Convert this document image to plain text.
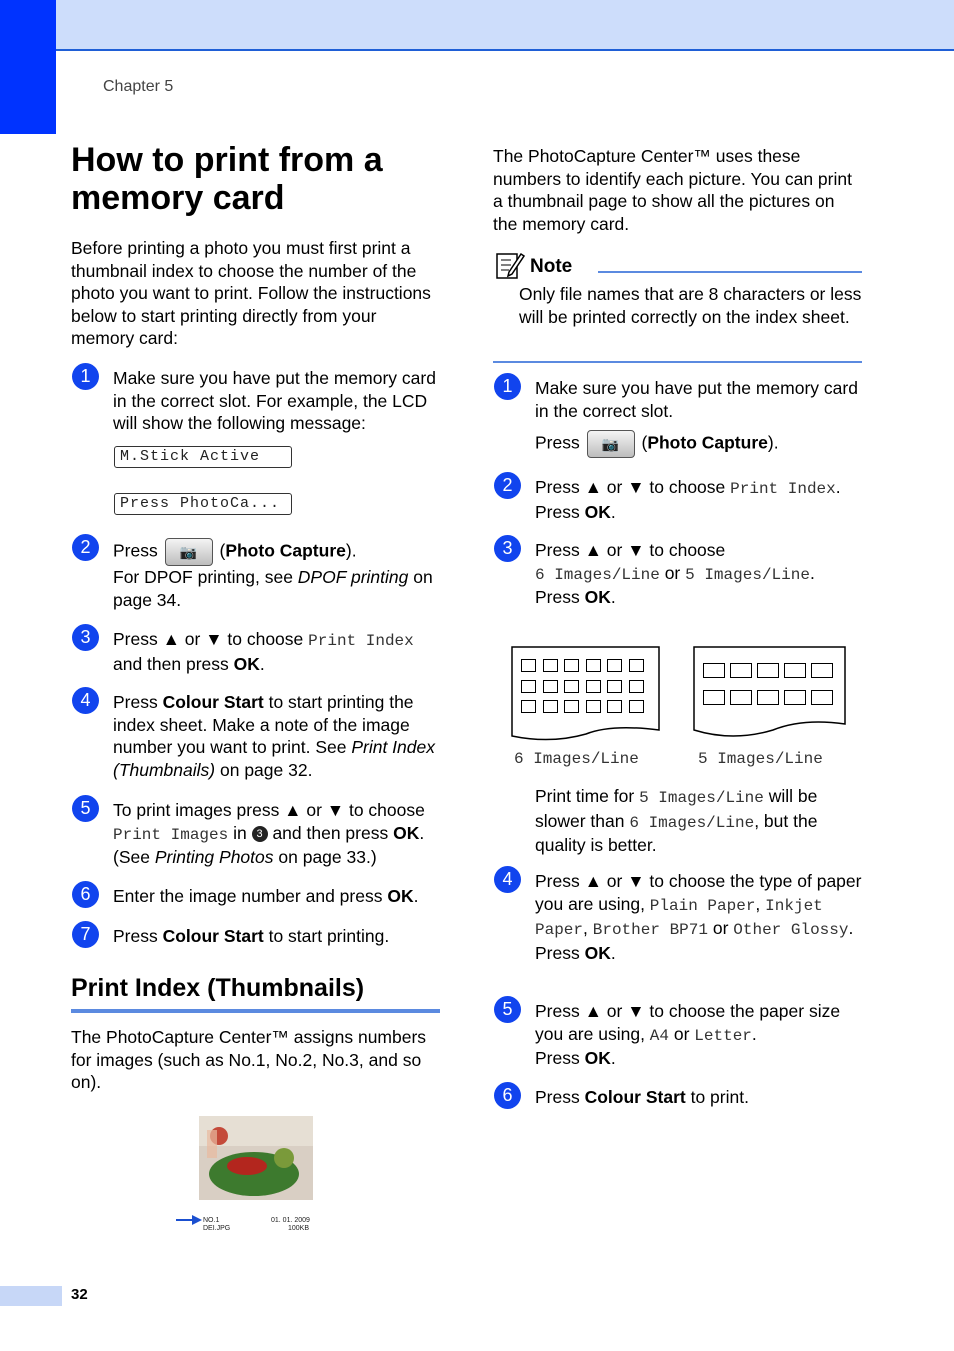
Chapter 5
How to print from a memory card

Before printing a photo you must first print a thumbnail index to choose the number of the photo you want to print. Follow the instructions below to start printing directly from your memory card:

1	Make sure you have put the memory card in the correct slot. For example, the LCD will show the following message:
M.Stick Active
Press PhotoCa...
2	Press 📷 (Photo Capture).
For DPOF printing, see DPOF printing on page 34.
3	Press ▲ or ▼ to choose Print Index and then press OK.
4	Press Colour Start to start printing the index sheet. Make a note of the image number you want to print. See Print Index (Thumbnails) on page 32.
5	To print images press ▲ or ▼ to choose Print Images in 3 and then press OK. (See Printing Photos on page 33.)
6	Enter the image number and press OK.
7	Press Colour Start to start printing.
Print Index (Thumbnails)

The PhotoCapture Center™ assigns numbers for images (such as No.1, No.2, No.3, and so on).

NO.1
DEI.JPG
01. 01. 2009
100KB

The PhotoCapture Center™ uses these numbers to identify each picture. You can print a thumbnail page to show all the pictures on the memory card.

Note

Only file names that are 8 characters or less will be printed correctly on the index sheet.

1	Make sure you have put the memory card in the correct slot.
Press 📷 (Photo Capture).
2	Press ▲ or ▼ to choose Print Index.
Press OK.
3	Press ▲ or ▼ to choose
6 Images/Line or 5 Images/Line.
Press OK.
6 Images/Line	5 Images/Line
Print time for 5 Images/Line will be slower than 6 Images/Line, but the quality is better.
4	Press ▲ or ▼ to choose the type of paper you are using, Plain Paper, Inkjet Paper, Brother BP71 or Other Glossy.
Press OK.
5	Press ▲ or ▼ to choose the paper size you are using, A4 or Letter.
Press OK.
6	Press Colour Start to print.
32
